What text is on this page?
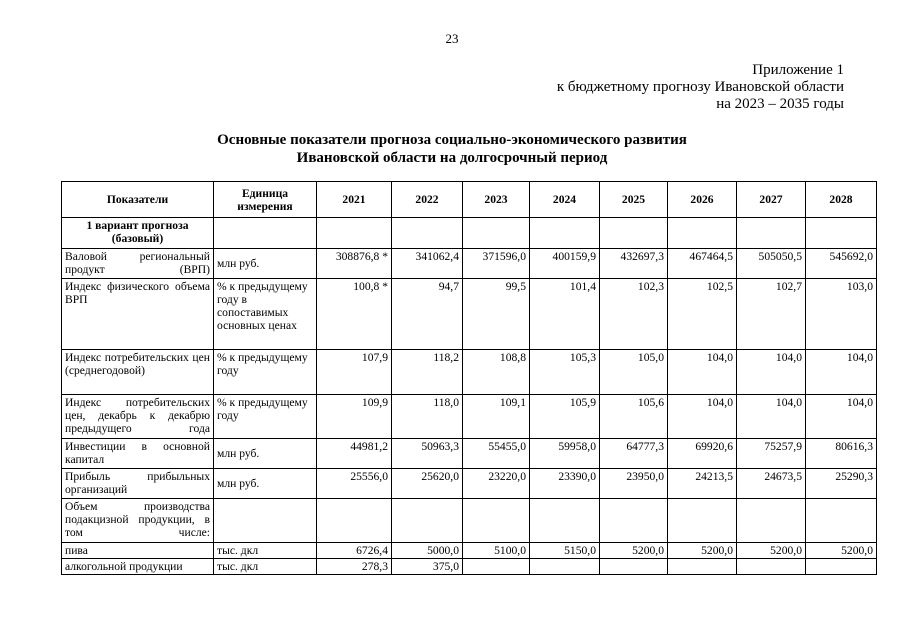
23
Приложение 1
к бюджетному прогнозу Ивановской области
на 2023 – 2035 годы
Основные показатели прогноза социально-экономического развития
Ивановской области на долгосрочный период
Показатели	Единица измерения	2021	2022	2023	2024	2025	2026	2027	2028
1 вариант прогноза (базовый)									
Валовой региональный продукт (ВРП)	млн руб.	308876,8 *	341062,4	371596,0	400159,9	432697,3	467464,5	505050,5	545692,0
Индекс физического объема ВРП	% к предыдущему году в сопоставимых основных ценах	100,8 *	94,7	99,5	101,4	102,3	102,5	102,7	103,0
Индекс потребительских цен (среднегодовой)	% к предыдущему году	107,9	118,2	108,8	105,3	105,0	104,0	104,0	104,0
Индекс потребительских цен, декабрь к декабрю предыдущего года	% к предыдущему году	109,9	118,0	109,1	105,9	105,6	104,0	104,0	104,0
Инвестиции в основной капитал	млн руб.	44981,2	50963,3	55455,0	59958,0	64777,3	69920,6	75257,9	80616,3
Прибыль прибыльных организаций	млн руб.	25556,0	25620,0	23220,0	23390,0	23950,0	24213,5	24673,5	25290,3
Объем производства подакцизной продукции, в том числе:									
пива	тыс. дкл	6726,4	5000,0	5100,0	5150,0	5200,0	5200,0	5200,0	5200,0
алкогольной продукции	тыс. дкл	278,3	375,0						
